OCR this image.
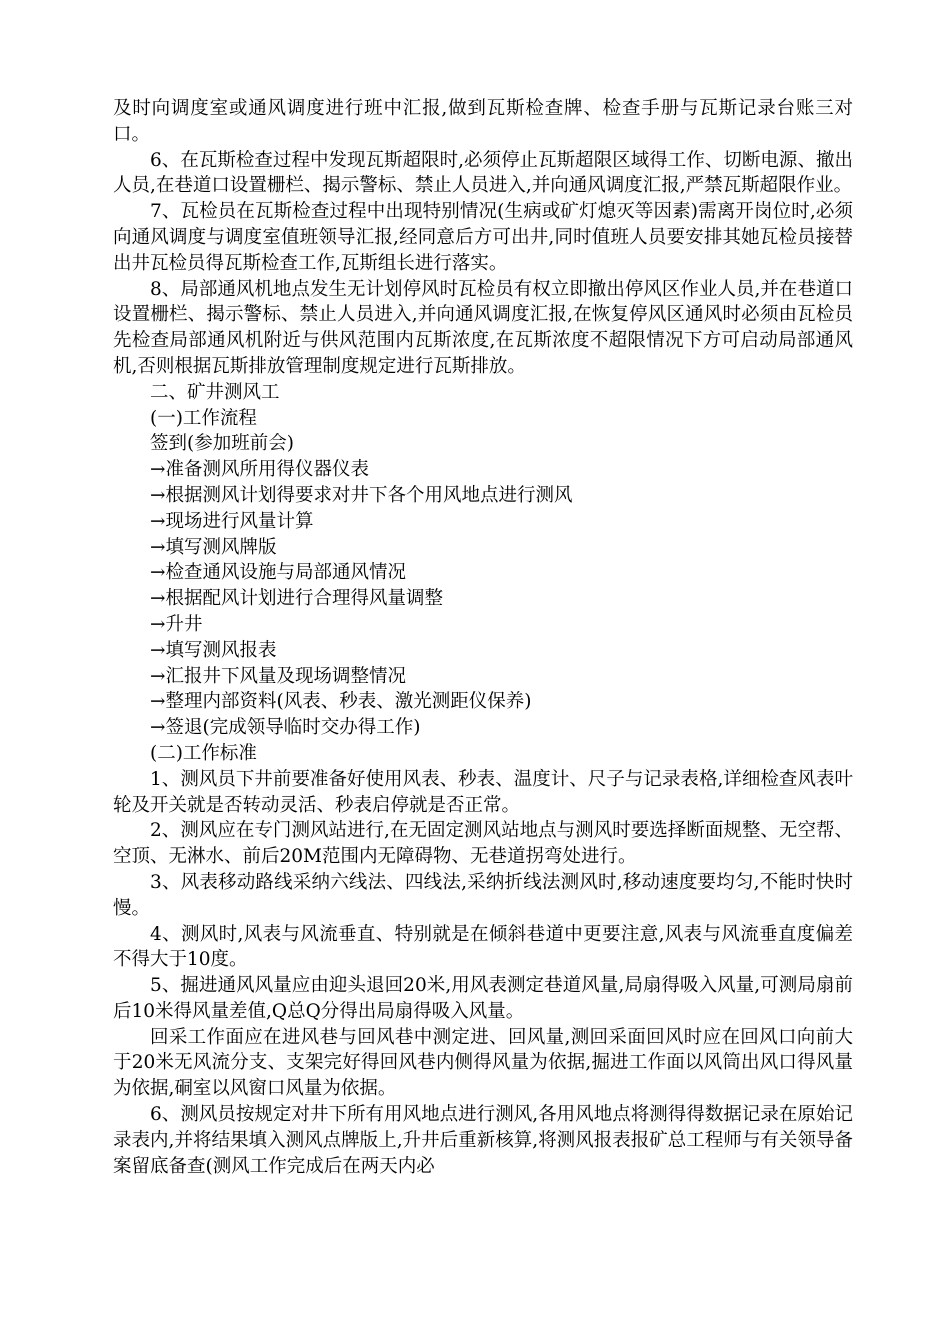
及时向调度室或通风调度进行班中汇报,做到瓦斯检查牌、检查手册与瓦斯记录台账三对口。

6、在瓦斯检查过程中发现瓦斯超限时,必须停止瓦斯超限区域得工作、切断电源、撤出人员,在巷道口设置栅栏、揭示警标、禁止人员进入,并向通风调度汇报,严禁瓦斯超限作业。

7、瓦检员在瓦斯检查过程中出现特别情况(生病或矿灯熄灭等因素)需离开岗位时,必须向通风调度与调度室值班领导汇报,经同意后方可出井,同时值班人员要安排其她瓦检员接替出井瓦检员得瓦斯检查工作,瓦斯组长进行落实。

8、局部通风机地点发生无计划停风时瓦检员有权立即撤出停风区作业人员,并在巷道口设置栅栏、揭示警标、禁止人员进入,并向通风调度汇报,在恢复停风区通风时必须由瓦检员先检查局部通风机附近与供风范围内瓦斯浓度,在瓦斯浓度不超限情况下方可启动局部通风机,否则根据瓦斯排放管理制度规定进行瓦斯排放。

二、矿井测风工

(一)工作流程

签到(参加班前会)

→准备测风所用得仪器仪表

→根据测风计划得要求对井下各个用风地点进行测风

→现场进行风量计算

→填写测风牌版

→检查通风设施与局部通风情况

→根据配风计划进行合理得风量调整

→升井

→填写测风报表

→汇报井下风量及现场调整情况

→整理内部资料(风表、秒表、激光测距仪保养)

→签退(完成领导临时交办得工作)

(二)工作标准

1、测风员下井前要准备好使用风表、秒表、温度计、尺子与记录表格,详细检查风表叶轮及开关就是否转动灵活、秒表启停就是否正常。

2、测风应在专门测风站进行,在无固定测风站地点与测风时要选择断面规整、无空帮、空顶、无淋水、前后20M范围内无障碍物、无巷道拐弯处进行。

3、风表移动路线采纳六线法、四线法,采纳折线法测风时,移动速度要均匀,不能时快时慢。

4、测风时,风表与风流垂直、特别就是在倾斜巷道中更要注意,风表与风流垂直度偏差不得大于10度。

5、掘进通风风量应由迎头退回20米,用风表测定巷道风量,局扇得吸入风量,可测局扇前后10米得风量差值,Q总Q分得出局扇得吸入风量。

回采工作面应在进风巷与回风巷中测定进、回风量,测回采面回风时应在回风口向前大于20米无风流分支、支架完好得回风巷内侧得风量为依据,掘进工作面以风筒出风口得风量为依据,硐室以风窗口风量为依据。

6、测风员按规定对井下所有用风地点进行测风,各用风地点将测得得数据记录在原始记录表内,并将结果填入测风点牌版上,升井后重新核算,将测风报表报矿总工程师与有关领导备案留底备查(测风工作完成后在两天内必
